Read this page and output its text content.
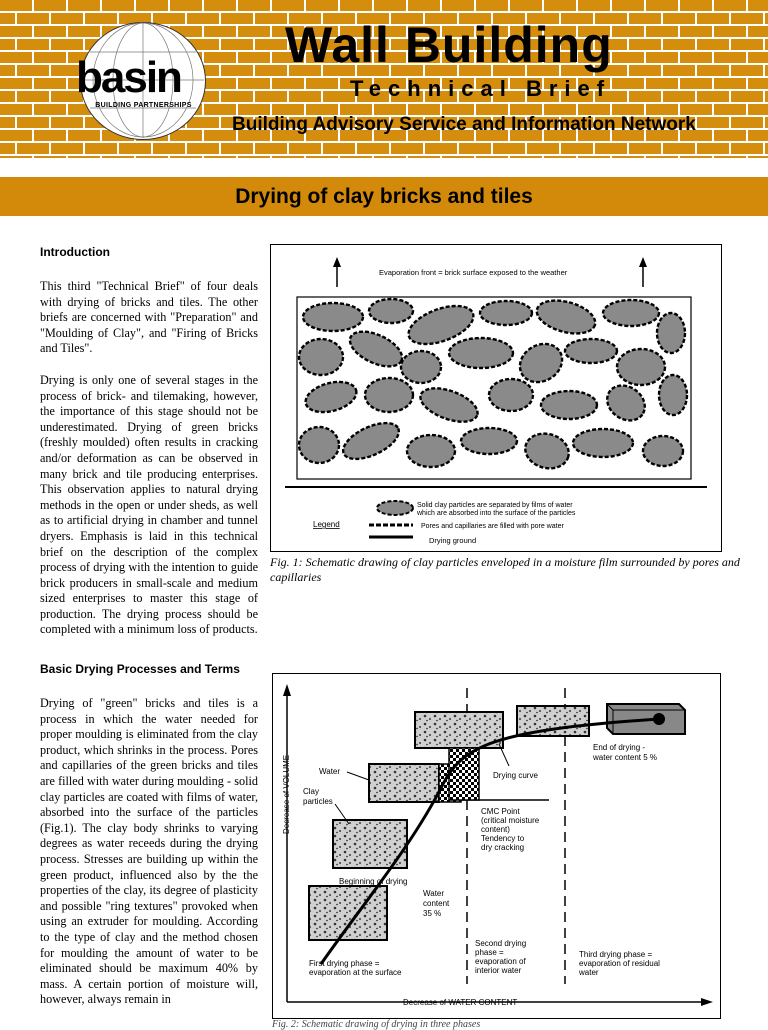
basin
BUILDING PARTNERSHIPS
Wall Building
Technical Brief
Building Advisory Service and Information Network
Drying of clay bricks and tiles
Introduction

This third "Technical Brief" of four deals with drying of bricks and tiles. The other briefs are concerned with "Preparation" and "Moulding of Clay", and "Firing of Bricks and Tiles".

Drying is only one of several stages in the process of brick- and tilemaking, however, the importance of this stage should not be underestimated. Drying of green bricks (freshly moulded) often results in cracking and/or deformation as can be observed in many brick and tile producing enterprises. This observation applies to natural drying methods in the open or under sheds, as well as to artificial drying in chamber and tunnel dryers. Emphasis is laid in this technical brief on the description of the complex process of drying with the intention to guide brick producers in small-scale and medium sized enterprises to master this stage of production. The drying process should be completed with a minimum loss of products.

Basic Drying Processes and Terms

Drying of "green" bricks and tiles is a process in which the water needed for proper moulding is eliminated from the clay product, which shrinks in the process. Pores and capillaries of the green bricks and tiles are filled with water during moulding - solid clay particles are coated with films of water, absorbed into the surface of the particles (Fig.1). The clay body shrinks to varying degrees as water receeds during the drying process. Stresses are building up within the green product, influenced also by the the properties of the clay, its degree of plasticity and possible "ring textures" provoked when using an extruder for moulding. According to the type of clay and the method chosen for moulding the amount of water to be eliminated should be maximum 40% by mass. A certain portion of moisture will, however, always remain in

Evaporation front = brick surface exposed to the weather
Solid clay particles are separated by films of water
which are absorbed into the surface of the particles
Legend	Pores and capillaries are filled with pore water
Drying ground
Fig. 1: Schematic drawing of clay particles enveloped in a moisture film surrounded by pores and capillaries
Decrease of WATER CONTENT
Decrease of VOLUME	Water
Clay
particles
Drying curve
End of drying -
water content 5 %
CMC Point
(critical moisture
content)
Tendency to
dry cracking
Beginning of drying
Water
content
35 %
First drying phase =
evaporation at the surface
Second drying
phase =
evaporation of
interior water
Third drying phase =
evaporation of residual
water
Fig. 2: Schematic drawing of drying in three phases
